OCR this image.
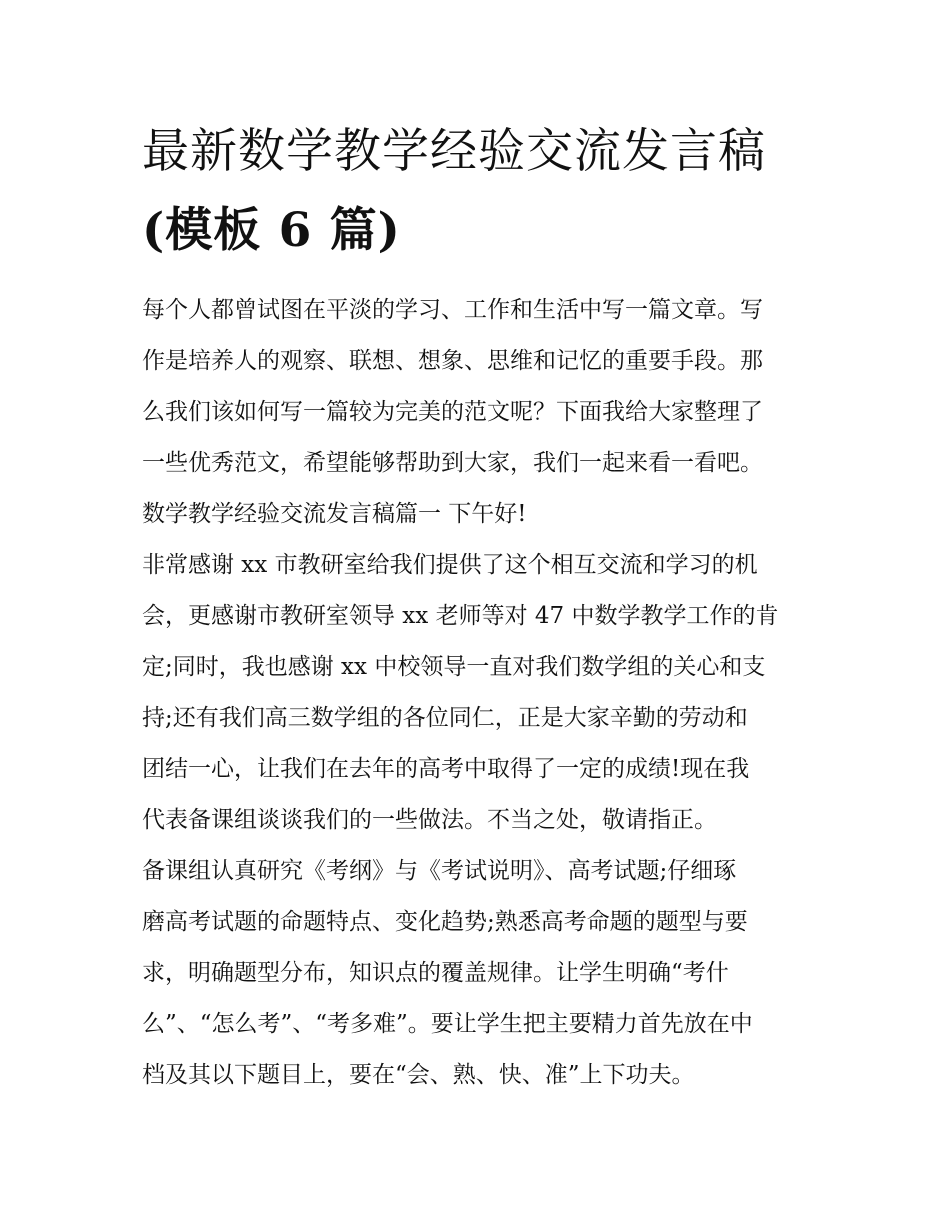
最新数学教学经验交流发言稿
(模板 6 篇)
每个人都曾试图在平淡的学习、工作和生活中写一篇文章。写
作是培养人的观察、联想、想象、思维和记忆的重要手段。那
么我们该如何写一篇较为完美的范文呢？下面我给大家整理了
一些优秀范文，希望能够帮助到大家，我们一起来看一看吧。
数学教学经验交流发言稿篇一 下午好!
非常感谢 xx 市教研室给我们提供了这个相互交流和学习的机
会，更感谢市教研室领导 xx 老师等对 47 中数学教学工作的肯
定;同时，我也感谢 xx 中校领导一直对我们数学组的关心和支
持;还有我们高三数学组的各位同仁，正是大家辛勤的劳动和
团结一心，让我们在去年的高考中取得了一定的成绩!现在我
代表备课组谈谈我们的一些做法。不当之处，敬请指正。
备课组认真研究《考纲》与《考试说明》、高考试题;仔细琢
磨高考试题的命题特点、变化趋势;熟悉高考命题的题型与要
求，明确题型分布，知识点的覆盖规律。让学生明确“考什
么”、“怎么考”、“考多难”。要让学生把主要精力首先放在中
档及其以下题目上，要在“会、熟、快、准”上下功夫。
